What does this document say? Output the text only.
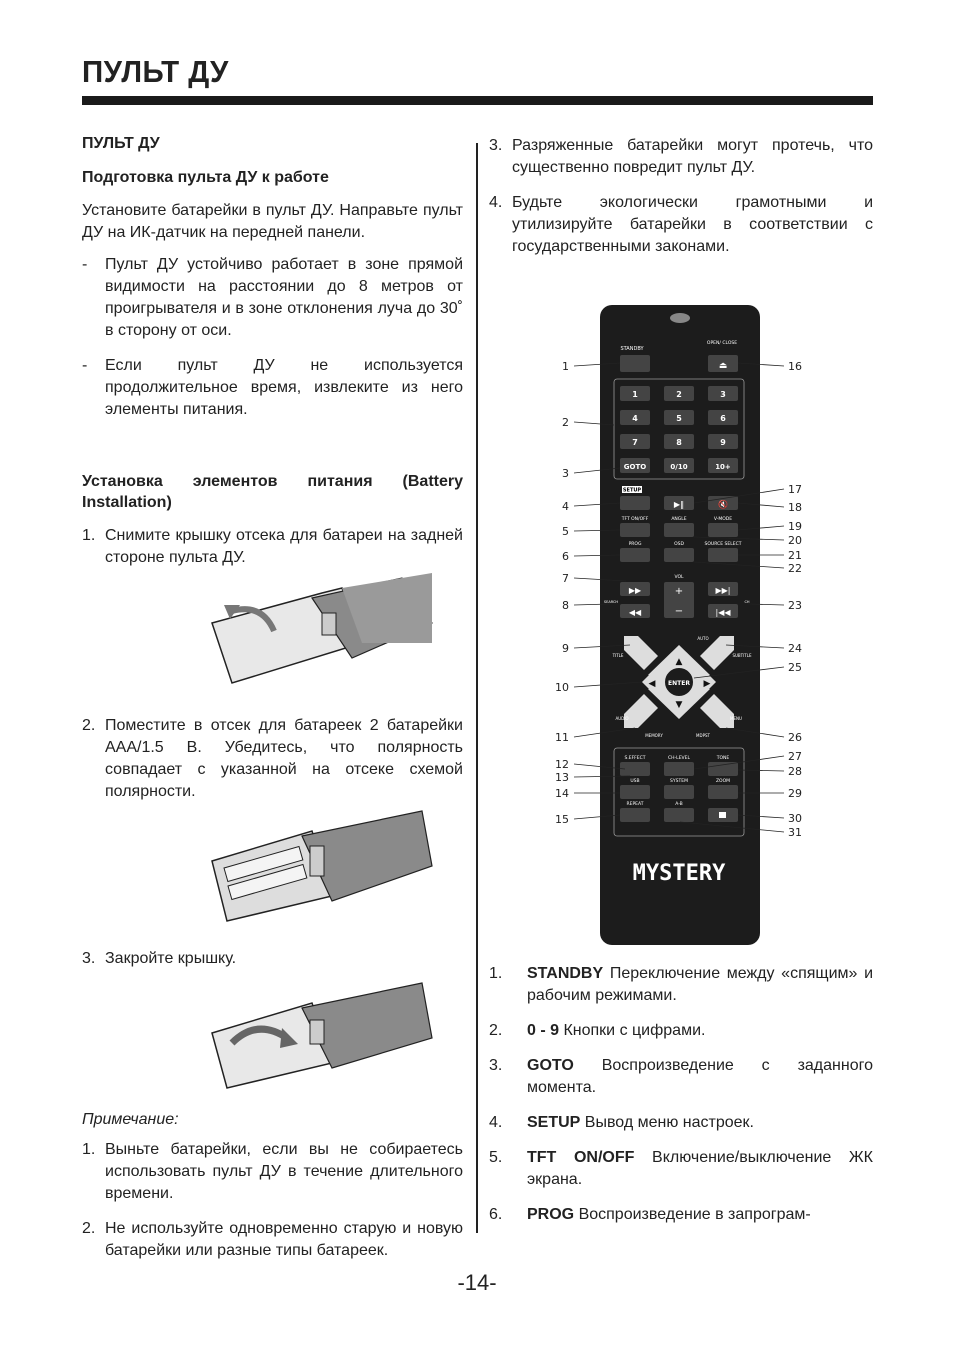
ПУЛЬТ ДУ
ПУЛЬТ ДУ
Подготовка пульта ДУ к работе

Установите батарейки в пульт ДУ. Направьте пульт ДУ на ИК-датчик на передней панели.

-	Пульт ДУ устойчиво работает в зоне прямой видимости на расстоянии до 8 метров от проигрывателя и в зоне отклонения луча до 30˚ в сторону от оси.
-	Если пульт ДУ не используется продолжительное время, извлеките из него элементы питания.
Установка элементов питания (Battery Installation)
1. Снимите крышку отсека для батареи на задней стороне пульта ДУ.
2. Поместите в отсек для батареек 2 батарейки AAA/1.5 В. Убедитесь, что полярность совпадает с указанной на отсеке схемой полярности.
3. Закройте крышку.
Примечание:
1. Выньте батарейки, если вы не собираетесь использовать пульт ДУ в течение длительного времени.
2. Не используйте одновременно старую и новую батарейки или разные типы батареек.
3. Разряженные батарейки могут протечь, что существенно повредит пульт ДУ.
4. Будьте экологически грамотными и утилизируйте батарейки в соответствии с государственными законами.
STANDBY
OPEN/ CLOSE
⏏
1	2	3
4	5	6
7	8	9
GOTO	0/10	10+
SETUP
▶‖	🔇
TFT ON/OFF	ANGLE	V-MODE
PROG	OSD	SOURCE SELECT
VOL
▶▶	+
−
▶▶|
◀◀	|◀◀
SEARCH	CH
▲
▼
◀	▶
ENTER
TITLE
AUTO
SUBTITLE
AUDIO
MEMORY	MDPST
MENU
S.EFFECT	CH-LEVEL	TONE
USB	SYSTEM	ZOOM
REPEAT	A-B
MYSTERY
1
2
3
4
5
6
7
8
9
10
11
12
13
14
15
16
17
18
19
20
21
22
23
24
25
26
27
28
29
30
31
1.	STANDBY Переключение между «спящим» и рабочим режимами.
2.	0 - 9 Кнопки с цифрами.
3.	GOTO Воспроизведение с заданного момента.
4.	SETUP Вывод меню настроек.
5.	TFT ON/OFF Включение/выключение ЖК экрана.
6.	PROG Воспроизведение в запрограм-
-14-
